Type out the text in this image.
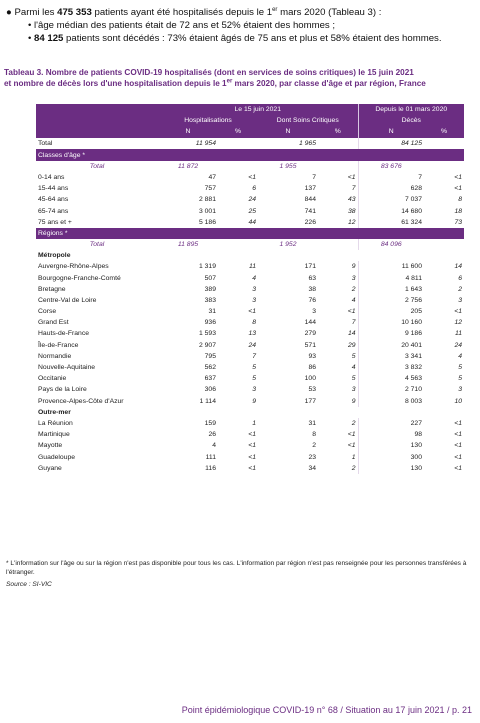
● Parmi les 475 353 patients ayant été hospitalisés depuis le 1er mars 2020 (Tableau 3) :

• l'âge médian des patients était de 72 ans et 52% étaient des hommes ;

• 84 125 patients sont décédés : 73% étaient âgés de 75 ans et plus et 58% étaient des hommes.

Tableau 3. Nombre de patients COVID-19 hospitalisés (dont en services de soins critiques) le 15 juin 2021
et nombre de décès lors d'une hospitalisation depuis le 1er mars 2020, par classe d'âge et par région, France
	Le 15 juin 2021				Depuis le 01 mars 2020	
	Hospitalisations		Dont Soins Critiques		Décès	
	N	%	N	%	N	%
Total	11 954		1 965		84 125	
Classes d'âge *						
Total	11 872		1 955		83 676	
0-14 ans	47	<1	7	<1	7	<1
15-44 ans	757	6	137	7	628	<1
45-64 ans	2 881	24	844	43	7 037	8
65-74 ans	3 001	25	741	38	14 680	18
75 ans et +	5 186	44	226	12	61 324	73
Régions *						
Total	11 895		1 952		84 096	
Métropole						
Auvergne-Rhône-Alpes	1 319	11	171	9	11 600	14
Bourgogne-Franche-Comté	507	4	63	3	4 811	6
Bretagne	389	3	38	2	1 643	2
Centre-Val de Loire	383	3	76	4	2 756	3
Corse	31	<1	3	<1	205	<1
Grand Est	936	8	144	7	10 160	12
Hauts-de-France	1 593	13	279	14	9 186	11
Île-de-France	2 907	24	571	29	20 401	24
Normandie	795	7	93	5	3 341	4
Nouvelle-Aquitaine	562	5	86	4	3 832	5
Occitanie	637	5	100	5	4 563	5
Pays de la Loire	306	3	53	3	2 710	3
Provence-Alpes-Côte d'Azur	1 114	9	177	9	8 003	10
Outre-mer						
La Réunion	159	1	31	2	227	<1
Martinique	26	<1	8	<1	98	<1
Mayotte	4	<1	2	<1	130	<1
Guadeloupe	111	<1	23	1	300	<1
Guyane	116	<1	34	2	130	<1
* L'information sur l'âge ou sur la région n'est pas disponible pour tous les cas. L'information par région n'est pas renseignée pour les personnes transférées à l'étranger.
Source : SI-VIC
Point épidémiologique COVID-19 n° 68 / Situation au 17 juin 2021 / p. 21
